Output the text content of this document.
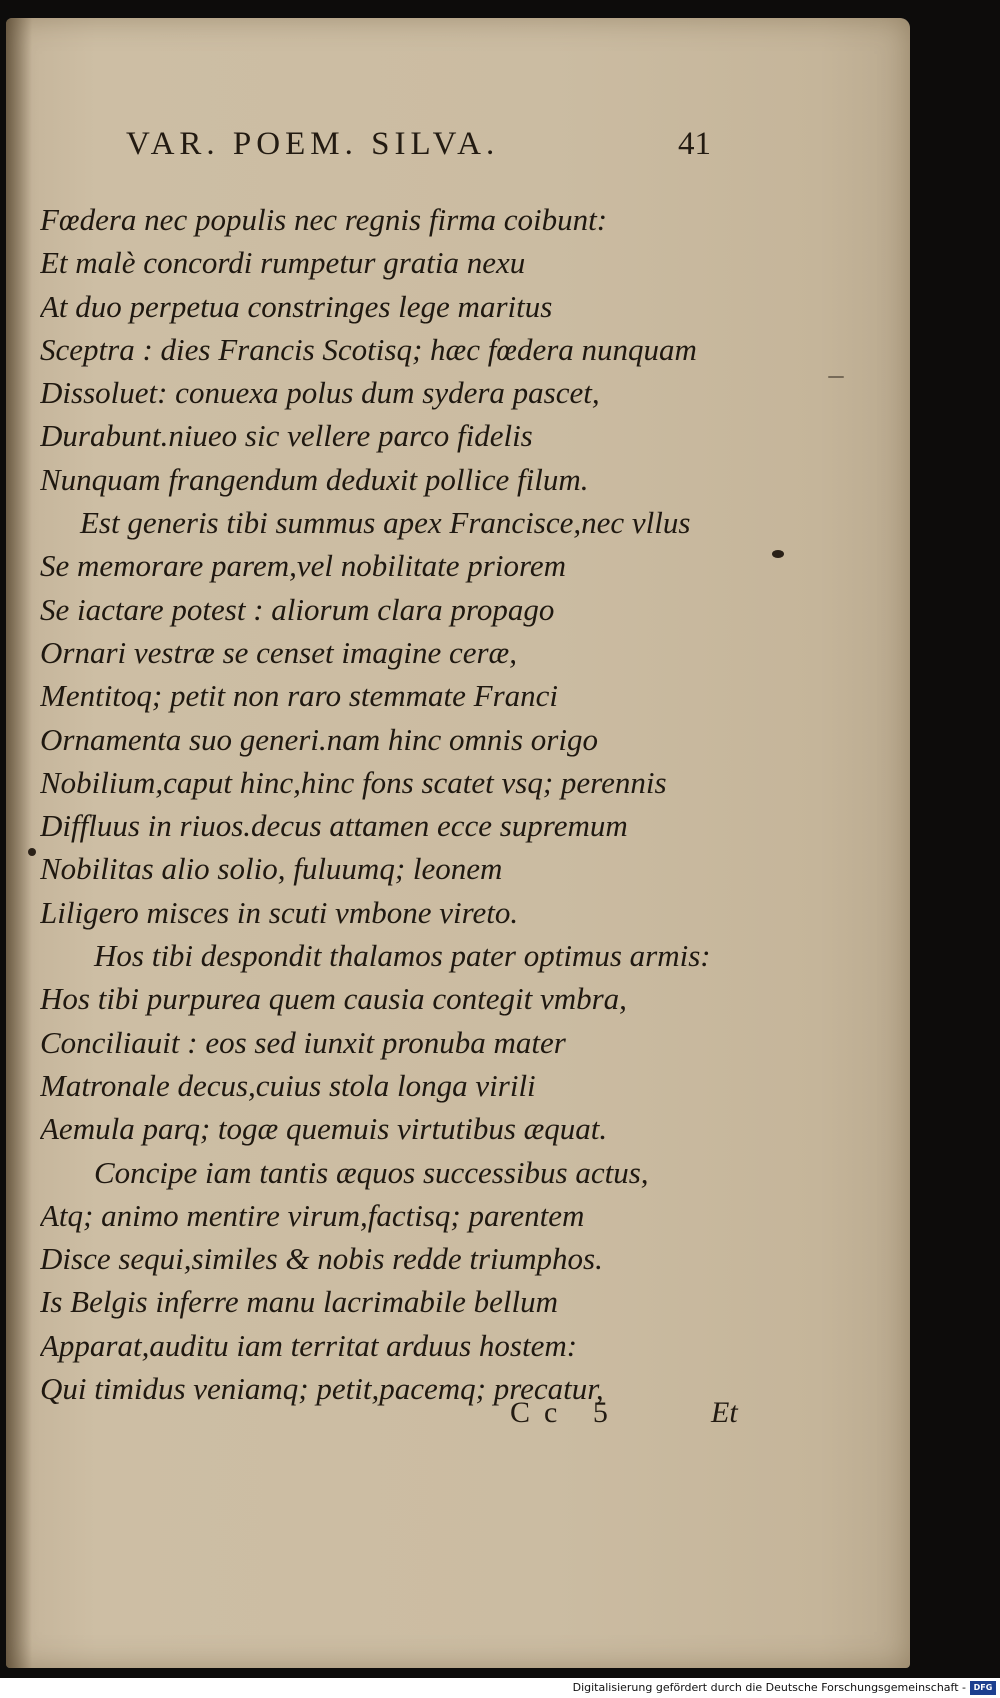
VAR. POEM. SILVA.	41
Fœdera nec populis nec regnis firma coibunt:
Et malè concordi rumpetur gratia nexu
At duo perpetua constringes lege maritus
Sceptra : dies Francis Scotisq; hæc fœdera nunquam
Dissoluet: conuexa polus dum sydera pascet,
Durabunt.niueo sic vellere parco fidelis
Nunquam frangendum deduxit pollice filum.
Est generis tibi summus apex Francisce,nec vllus
Se memorare parem,vel nobilitate priorem
Se iactare potest : aliorum clara propago
Ornari vestræ se censet imagine ceræ,
Mentitoq; petit non raro stemmate Franci
Ornamenta suo generi.nam hinc omnis origo
Nobilium,caput hinc,hinc fons scatet vsq; perennis
Diffluus in riuos.decus attamen ecce supremum
Nobilitas alio solio, fuluumq; leonem
Liligero misces in scuti vmbone vireto.
Hos tibi despondit thalamos pater optimus armis:
Hos tibi purpurea quem causia contegit vmbra,
Conciliauit : eos sed iunxit pronuba mater
Matronale decus,cuius stola longa virili
Aemula parq; togæ quemuis virtutibus æquat.
Concipe iam tantis æquos successibus actus,
Atq; animo mentire virum,factisq; parentem
Disce sequi,similes & nobis redde triumphos.
Is Belgis inferre manu lacrimabile bellum
Apparat,auditu iam territat arduus hostem:
Qui timidus veniamq; petit,pacemq; precatur,
Cc 5	Et
Digitalisierung gefördert durch die Deutsche Forschungsgemeinschaft - DFG
